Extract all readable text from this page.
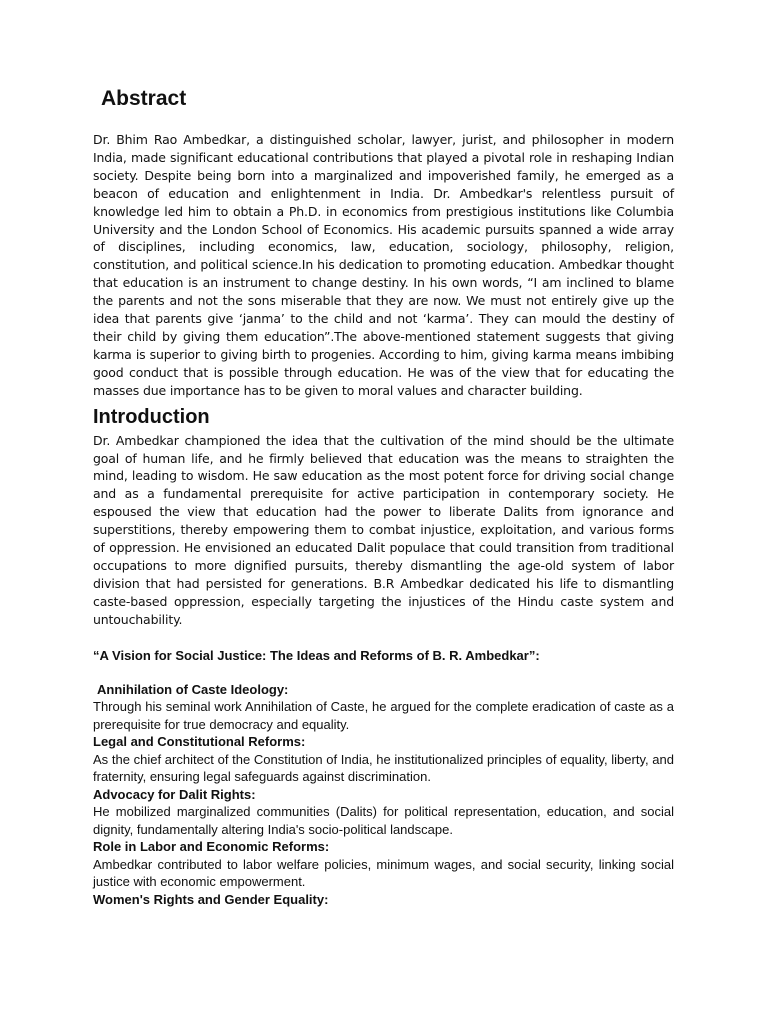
Abstract

Dr. Bhim Rao Ambedkar, a distinguished scholar, lawyer, jurist, and philosopher in modern India, made significant educational contributions that played a pivotal role in reshaping Indian society. Despite being born into a marginalized and impoverished family, he emerged as a beacon of education and enlightenment in India. Dr. Ambedkar's relentless pursuit of knowledge led him to obtain a Ph.D. in economics from prestigious institutions like Columbia University and the London School of Economics. His academic pursuits spanned a wide array of disciplines, including economics, law, education, sociology, philosophy, religion, constitution, and political science.In his dedication to promoting education. Ambedkar thought that education is an instrument to change destiny. In his own words, “I am inclined to blame the parents and not the sons miserable that they are now. We must not entirely give up the idea that parents give ‘janma’ to the child and not ‘karma’. They can mould the destiny of their child by giving them education”.The above-mentioned statement suggests that giving karma is superior to giving birth to progenies. According to him, giving karma means imbibing good conduct that is possible through education. He was of the view that for educating the masses due importance has to be given to moral values and character building.

Introduction

Dr. Ambedkar championed the idea that the cultivation of the mind should be the ultimate goal of human life, and he firmly believed that education was the means to straighten the mind, leading to wisdom. He saw education as the most potent force for driving social change and as a fundamental prerequisite for active participation in contemporary society. He espoused the view that education had the power to liberate Dalits from ignorance and superstitions, thereby empowering them to combat injustice, exploitation, and various forms of oppression. He envisioned an educated Dalit populace that could transition from traditional occupations to more dignified pursuits, thereby dismantling the age-old system of labor division that had persisted for generations. B.R Ambedkar dedicated his life to dismantling caste-based oppression, especially targeting the injustices of the Hindu caste system and untouchability.

“A Vision for Social Justice: The Ideas and Reforms of B. R. Ambedkar”:

Annihilation of Caste Ideology:

Through his seminal work Annihilation of Caste, he argued for the complete eradication of caste as a prerequisite for true democracy and equality.

Legal and Constitutional Reforms:

As the chief architect of the Constitution of India, he institutionalized principles of equality, liberty, and fraternity, ensuring legal safeguards against discrimination.

Advocacy for Dalit Rights:

He mobilized marginalized communities (Dalits) for political representation, education, and social dignity, fundamentally altering India's socio-political landscape.

Role in Labor and Economic Reforms:

Ambedkar contributed to labor welfare policies, minimum wages, and social security, linking social justice with economic empowerment.

Women's Rights and Gender Equality:
